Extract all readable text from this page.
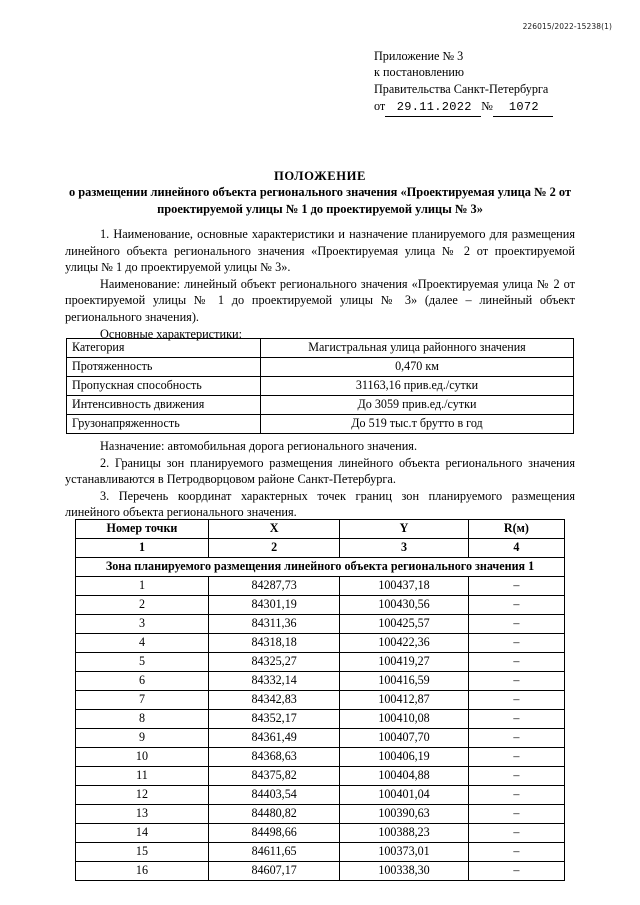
226015/2022-15238(1)
Приложение № 3
к постановлению
Правительства Санкт-Петербурга
от 29.11.2022 №	1072
ПОЛОЖЕНИЕ
о размещении линейного объекта регионального значения «Проектируемая улица № 2 от проектируемой улицы № 1 до проектируемой улицы № 3»

1. Наименование, основные характеристики и назначение планируемого для размещения линейного объекта регионального значения «Проектируемая улица № 2 от проектируемой улицы № 1 до проектируемой улицы № 3».

Наименование: линейный объект регионального значения «Проектируемая улица № 2 от проектируемой улицы № 1 до проектируемой улицы № 3» (далее – линейный объект регионального значения).

Основные характеристики:

Категория	Магистральная улица районного значения
Протяженность	0,470 км
Пропускная способность	31163,16 прив.ед./сутки
Интенсивность движения	До 3059 прив.ед./сутки
Грузонапряженность	До 519 тыс.т брутто в год

Назначение: автомобильная дорога регионального значения.

2. Границы зон планируемого размещения линейного объекта регионального значения устанавливаются в Петродворцовом районе Санкт-Петербурга.

3. Перечень координат характерных точек границ зон планируемого размещения линейного объекта регионального значения.

Номер точки	X	Y	R(м)
1	2	3	4
Зона планируемого размещения линейного объекта регионального значения 1			
1	84287,73	100437,18	–
2	84301,19	100430,56	–
3	84311,36	100425,57	–
4	84318,18	100422,36	–
5	84325,27	100419,27	–
6	84332,14	100416,59	–
7	84342,83	100412,87	–
8	84352,17	100410,08	–
9	84361,49	100407,70	–
10	84368,63	100406,19	–
11	84375,82	100404,88	–
12	84403,54	100401,04	–
13	84480,82	100390,63	–
14	84498,66	100388,23	–
15	84611,65	100373,01	–
16	84607,17	100338,30	–
